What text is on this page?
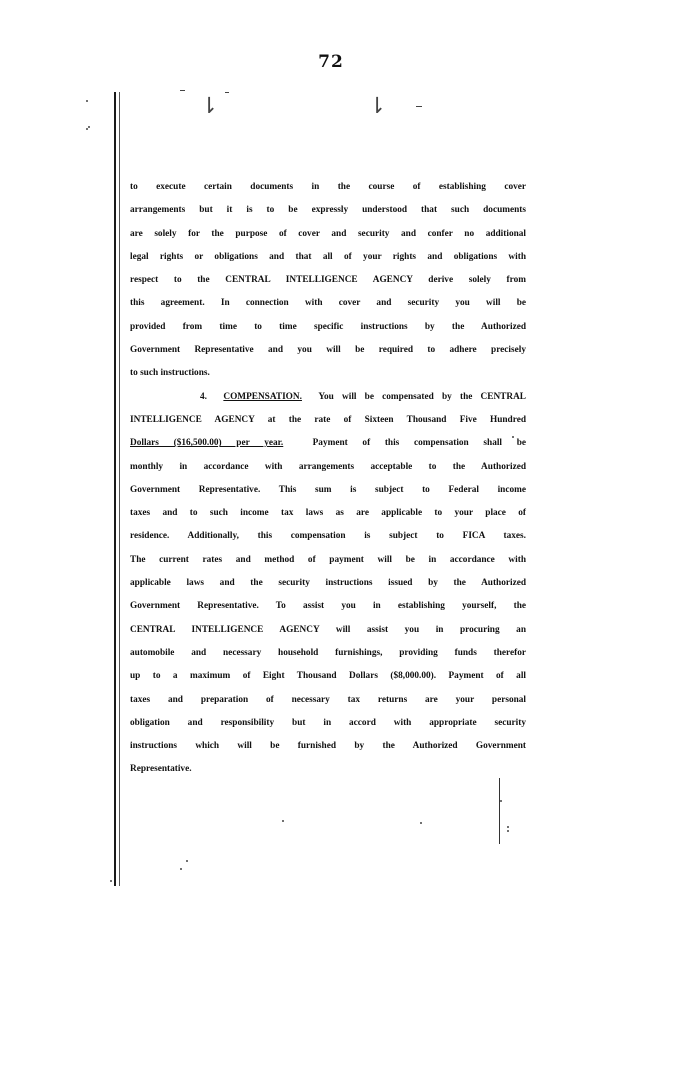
72
⇂	⇂
to execute certain documents in the course of establishing cover
arrangements but it is to be expressly understood that such documents
are solely for the purpose of cover and security and confer no additional
legal rights or obligations and that all of your rights and obligations with
respect to the CENTRAL INTELLIGENCE AGENCY derive solely from
this agreement. In connection with cover and security you will be
provided from time to time specific instructions by the Authorized
Government Representative and you will be required to adhere precisely
to such instructions.
4. COMPENSATION. You will be compensated by the CENTRAL
INTELLIGENCE AGENCY at the rate of Sixteen Thousand Five Hundred
Dollars ($16,500.00) per year.	Payment of this compensation shall be
monthly in accordance with arrangements acceptable to the Authorized
Government Representative. This sum is subject to Federal income
taxes and to such income tax laws as are applicable to your place of
residence. Additionally, this compensation is subject to FICA taxes.
The current rates and method of payment will be in accordance with
applicable laws and the security instructions issued by the Authorized
Government Representative. To assist you in establishing yourself, the
CENTRAL INTELLIGENCE AGENCY will assist you in procuring an
automobile and necessary household furnishings, providing funds therefor
up to a maximum of Eight Thousand Dollars ($8,000.00). Payment of all
taxes and preparation of necessary tax returns are your personal
obligation and responsibility but in accord with appropriate security
instructions which will be furnished by the Authorized Government
Representative.
